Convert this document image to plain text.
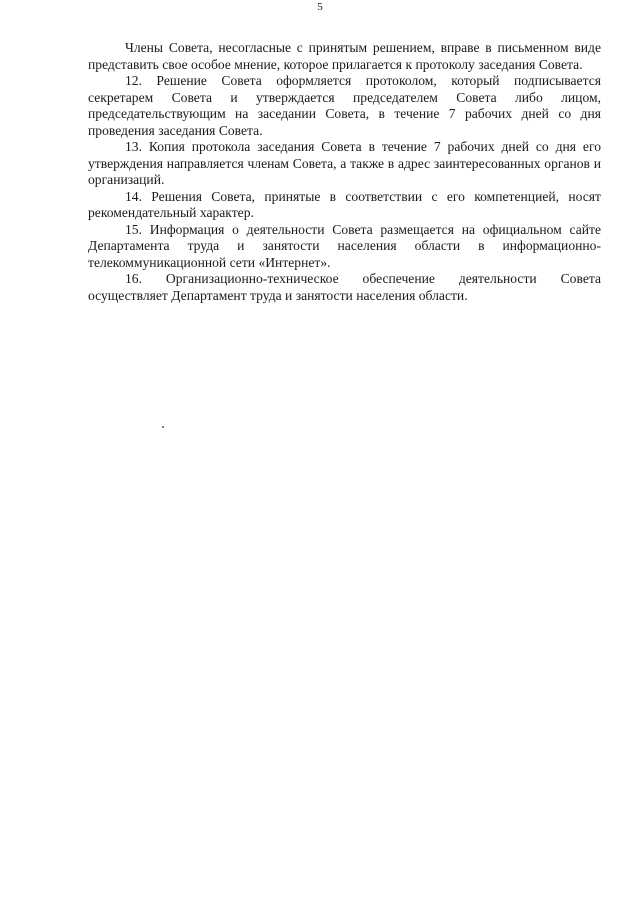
5

Члены Совета, несогласные с принятым решением, вправе в письменном виде представить свое особое мнение, которое прилагается к протоколу заседания Совета.

12. Решение Совета оформляется протоколом, который подписывается секретарем Совета и утверждается председателем Совета либо лицом, председательствующим на заседании Совета, в течение 7 рабочих дней со дня проведения заседания Совета.

13. Копия протокола заседания Совета в течение 7 рабочих дней со дня его утверждения направляется членам Совета, а также в адрес заинтересованных органов и организаций.

14. Решения Совета, принятые в соответствии с его компетенцией, носят рекомендательный характер.

15. Информация о деятельности Совета размещается на официальном сайте Департамента труда и занятости населения области в информационно-телекоммуникационной сети «Интернет».

16. Организационно-техническое обеспечение деятельности Совета осуществляет Департамент труда и занятости населения области.
